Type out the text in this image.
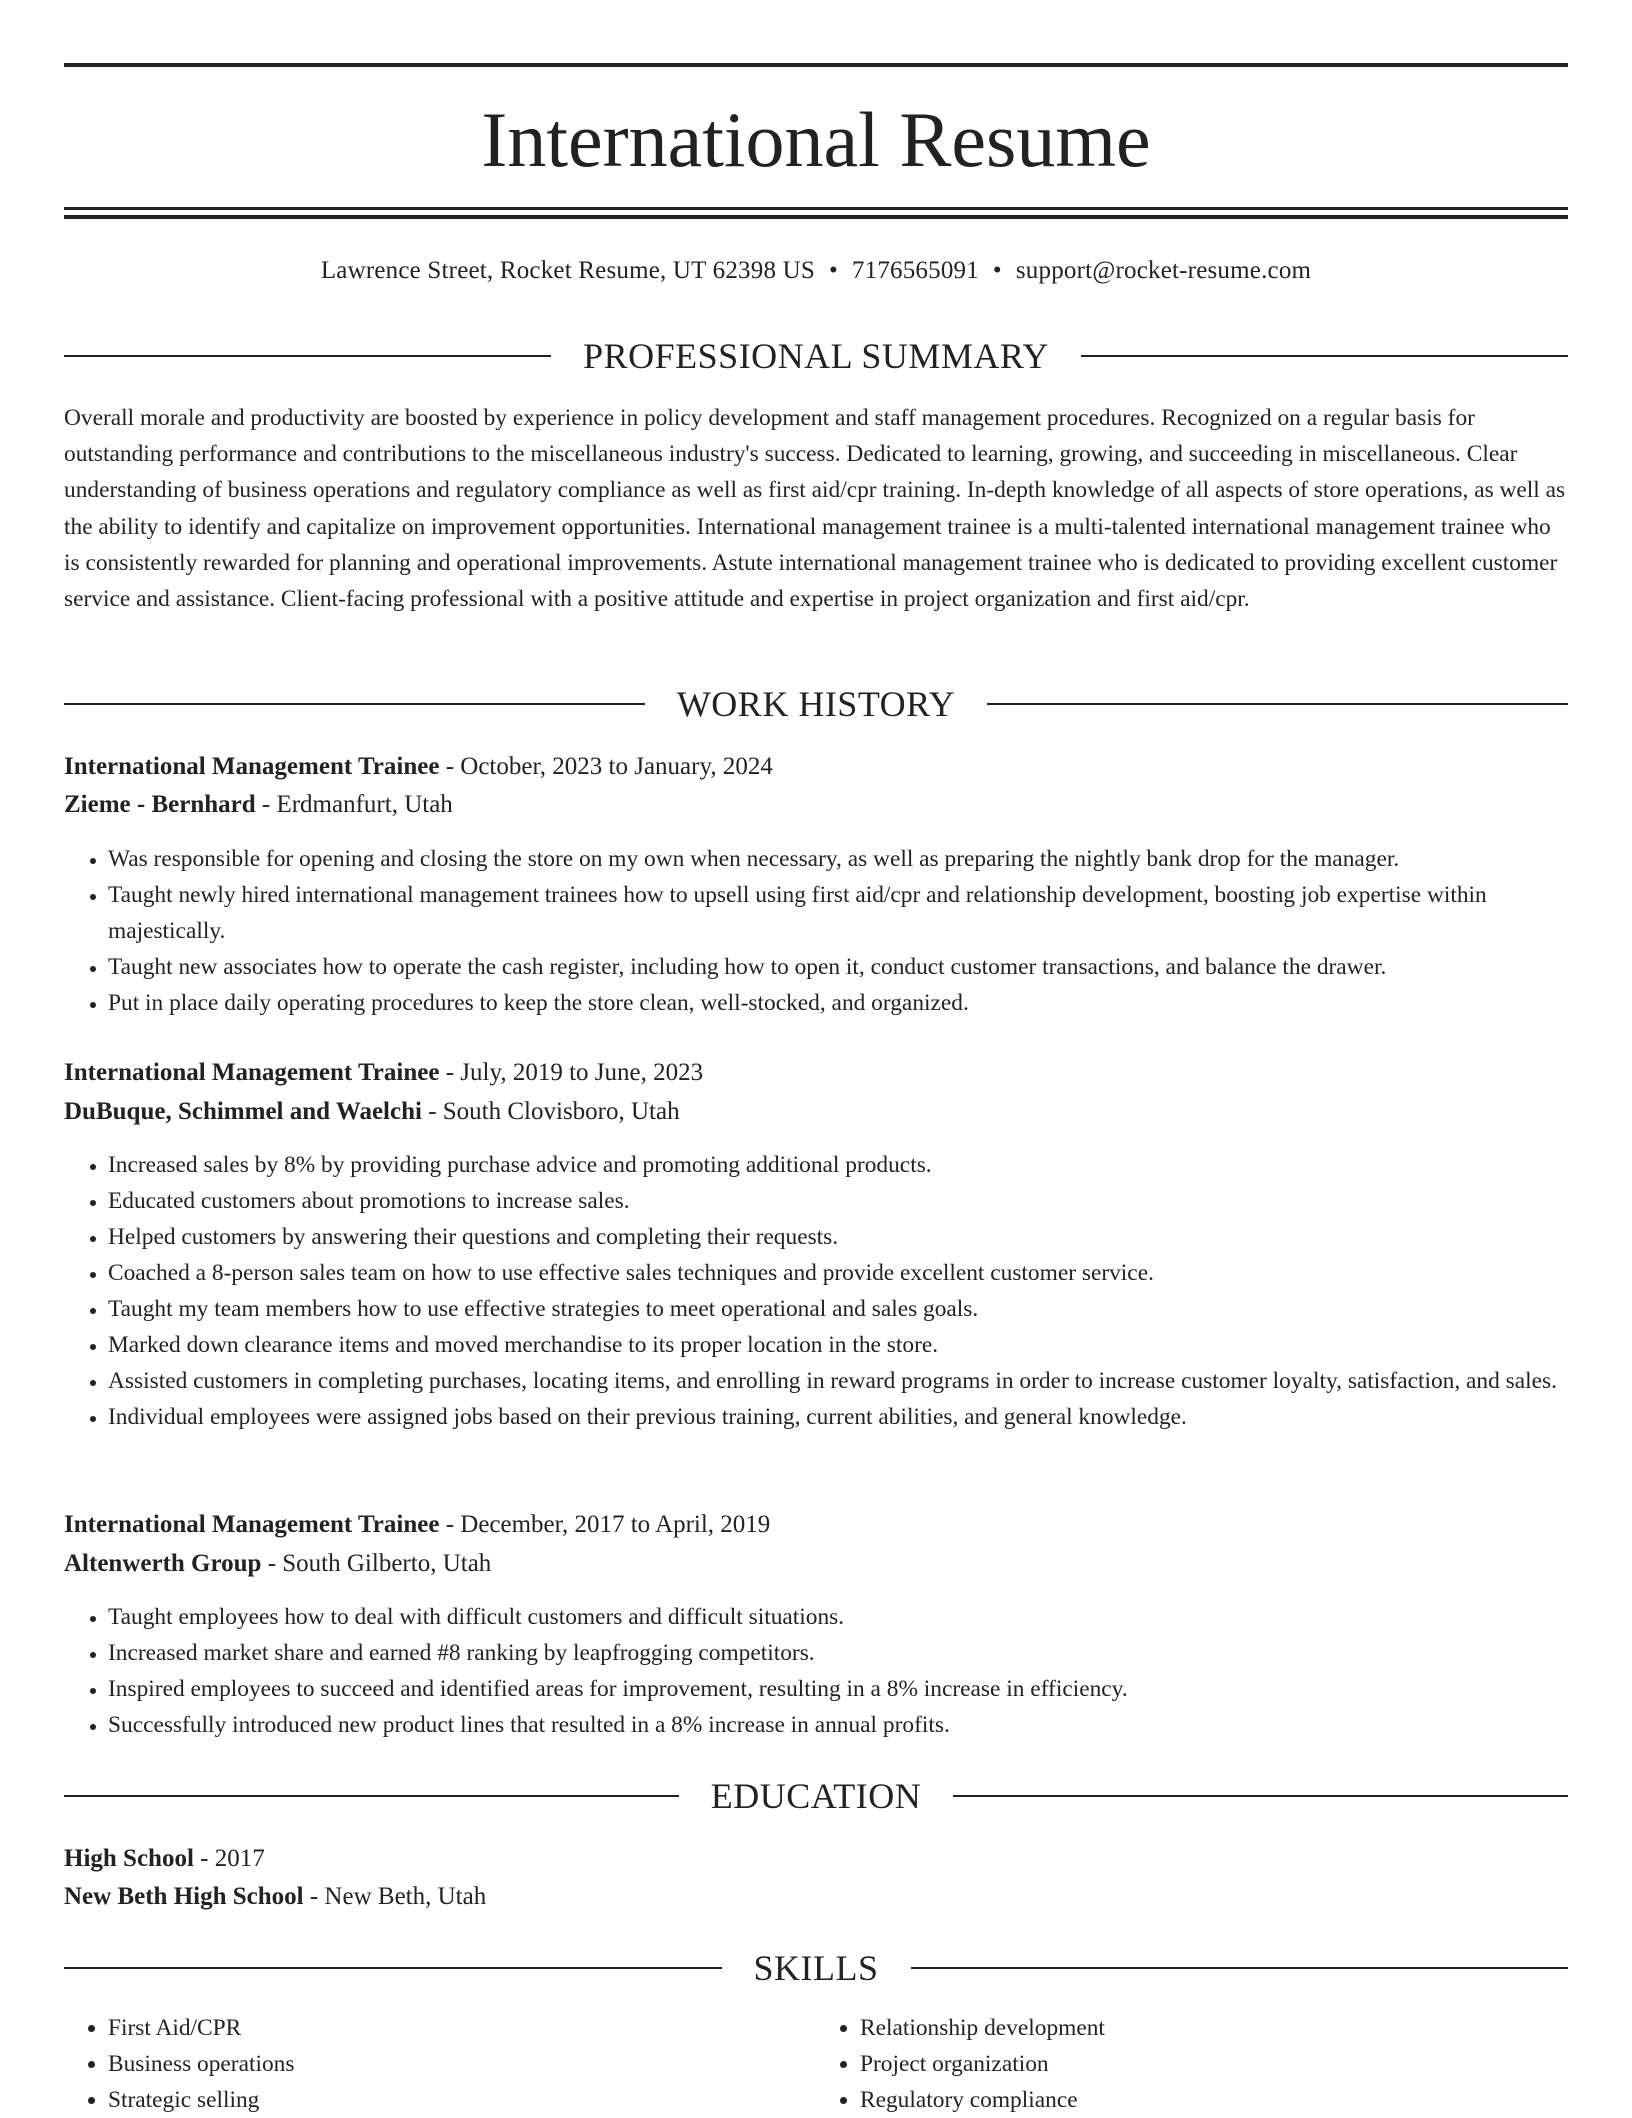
International Resume
Lawrence Street, Rocket Resume, UT 62398 US • 7176565091 • support@rocket-resume.com
PROFESSIONAL SUMMARY

Overall morale and productivity are boosted by experience in policy development and staff management procedures. Recognized on a regular basis for outstanding performance and contributions to the miscellaneous industry's success. Dedicated to learning, growing, and succeeding in miscellaneous. Clear understanding of business operations and regulatory compliance as well as first aid/cpr training. In-depth knowledge of all aspects of store operations, as well as the ability to identify and capitalize on improvement opportunities. International management trainee is a multi-talented international management trainee who is consistently rewarded for planning and operational improvements. Astute international management trainee who is dedicated to providing excellent customer service and assistance. Client-facing professional with a positive attitude and expertise in project organization and first aid/cpr.

WORK HISTORY
International Management Trainee - October, 2023 to January, 2024
Zieme - Bernhard - Erdmanfurt, Utah
• Was responsible for opening and closing the store on my own when necessary, as well as preparing the nightly bank drop for the manager.
• Taught newly hired international management trainees how to upsell using first aid/cpr and relationship development, boosting job expertise within majestically.
• Taught new associates how to operate the cash register, including how to open it, conduct customer transactions, and balance the drawer.
• Put in place daily operating procedures to keep the store clean, well-stocked, and organized.
International Management Trainee - July, 2019 to June, 2023
DuBuque, Schimmel and Waelchi - South Clovisboro, Utah
• Increased sales by 8% by providing purchase advice and promoting additional products.
• Educated customers about promotions to increase sales.
• Helped customers by answering their questions and completing their requests.
• Coached a 8-person sales team on how to use effective sales techniques and provide excellent customer service.
• Taught my team members how to use effective strategies to meet operational and sales goals.
• Marked down clearance items and moved merchandise to its proper location in the store.
• Assisted customers in completing purchases, locating items, and enrolling in reward programs in order to increase customer loyalty, satisfaction, and sales.
• Individual employees were assigned jobs based on their previous training, current abilities, and general knowledge.
International Management Trainee - December, 2017 to April, 2019
Altenwerth Group - South Gilberto, Utah
• Taught employees how to deal with difficult customers and difficult situations.
• Increased market share and earned #8 ranking by leapfrogging competitors.
• Inspired employees to succeed and identified areas for improvement, resulting in a 8% increase in efficiency.
• Successfully introduced new product lines that resulted in a 8% increase in annual profits.
EDUCATION
High School - 2017
New Beth High School - New Beth, Utah
SKILLS
• First Aid/CPR
• Business operations
• Strategic selling
• Relationship development
• Project organization
• Regulatory compliance
